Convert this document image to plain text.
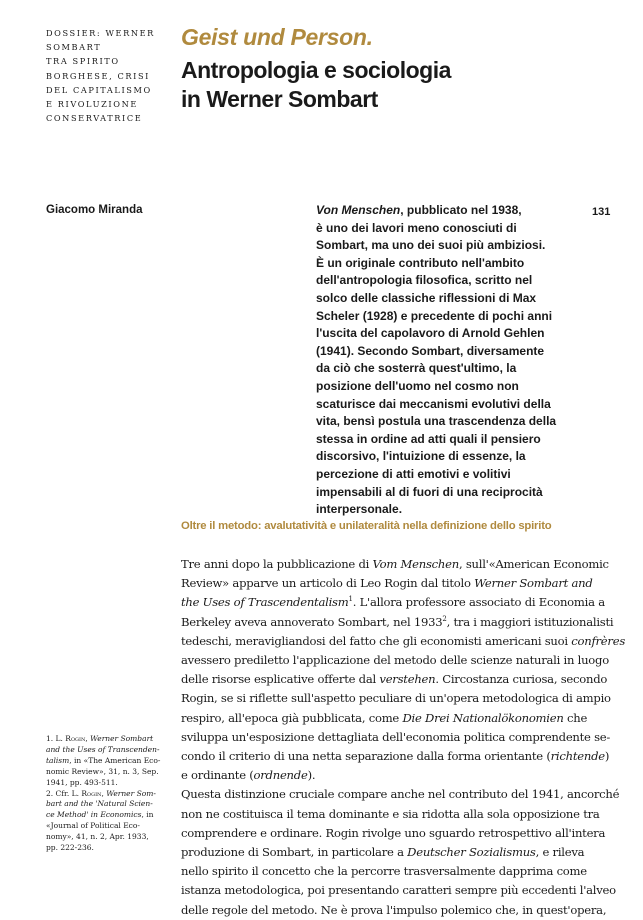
DOSSIER: WERNER
SOMBART
TRA SPIRITO
BORGHESE, CRISI
DEL CAPITALISMO
E RIVOLUZIONE
CONSERVATRICE
Geist und Person.
Antropologia e sociologia
in Werner Sombart
Giacomo Miranda	131
Von Menschen, pubblicato nel 1938,
è uno dei lavori meno conosciuti di
Sombart, ma uno dei suoi più ambiziosi.
È un originale contributo nell'ambito
dell'antropologia filosofica, scritto nel
solco delle classiche riflessioni di Max
Scheler (1928) e precedente di pochi anni
l'uscita del capolavoro di Arnold Gehlen
(1941). Secondo Sombart, diversamente
da ciò che sosterrà quest'ultimo, la
posizione dell'uomo nel cosmo non
scaturisce dai meccanismi evolutivi della
vita, bensì postula una trascendenza della
stessa in ordine ad atti quali il pensiero
discorsivo, l'intuizione di essenze, la
percezione di atti emotivi e volitivi
impensabili al di fuori di una reciprocità
interpersonale.
Oltre il metodo: avalutatività e unilateralità nella definizione dello spirito
Tre anni dopo la pubblicazione di Vom Menschen, sull'«American Economic
Review» apparve un articolo di Leo Rogin dal titolo Werner Sombart and
the Uses of Trascendentalism$^1$. L'allora professore associato di Economia a
Berkeley aveva annoverato Sombart, nel 1933$^2$, tra i maggiori istituzionalisti
tedeschi, meravigliandosi del fatto che gli economisti americani suoi confrères
avessero prediletto l'applicazione del metodo delle scienze naturali in luogo
delle risorse esplicative offerte dal verstehen. Circostanza curiosa, secondo
Rogin, se si riflette sull'aspetto peculiare di un'opera metodologica di ampio
respiro, all'epoca già pubblicata, come Die Drei Nationalökonomien che
sviluppa un'esposizione dettagliata dell'economia politica comprendente se-
condo il criterio di una netta separazione dalla forma orientante (richtende)
e ordinante (ordnende).
Questa distinzione cruciale compare anche nel contributo del 1941, ancorché
non ne costituisca il tema dominante e sia ridotta alla sola opposizione tra
comprendere e ordinare. Rogin rivolge uno sguardo retrospettivo all'intera
produzione di Sombart, in particolare a Deutscher Sozialismus, e rileva
nello spirito il concetto che la percorre trasversalmente dapprima come
istanza metodologica, poi presentando caratteri sempre più eccedenti l'alveo
delle regole del metodo. Ne è prova l'impulso polemico che, in quest'opera,
1. L. Rogin, Werner Sombart
and the Uses of Transcenden-
talism, in «The American Eco-
nomic Review», 31, n. 3, Sep.
1941, pp. 493-511.
2. Cfr. L. Rogin, Werner Som-
bart and the 'Natural Scien-
ce Method' in Economics, in
«Journal of Political Eco-
nomy», 41, n. 2, Apr. 1933,
pp. 222-236.
